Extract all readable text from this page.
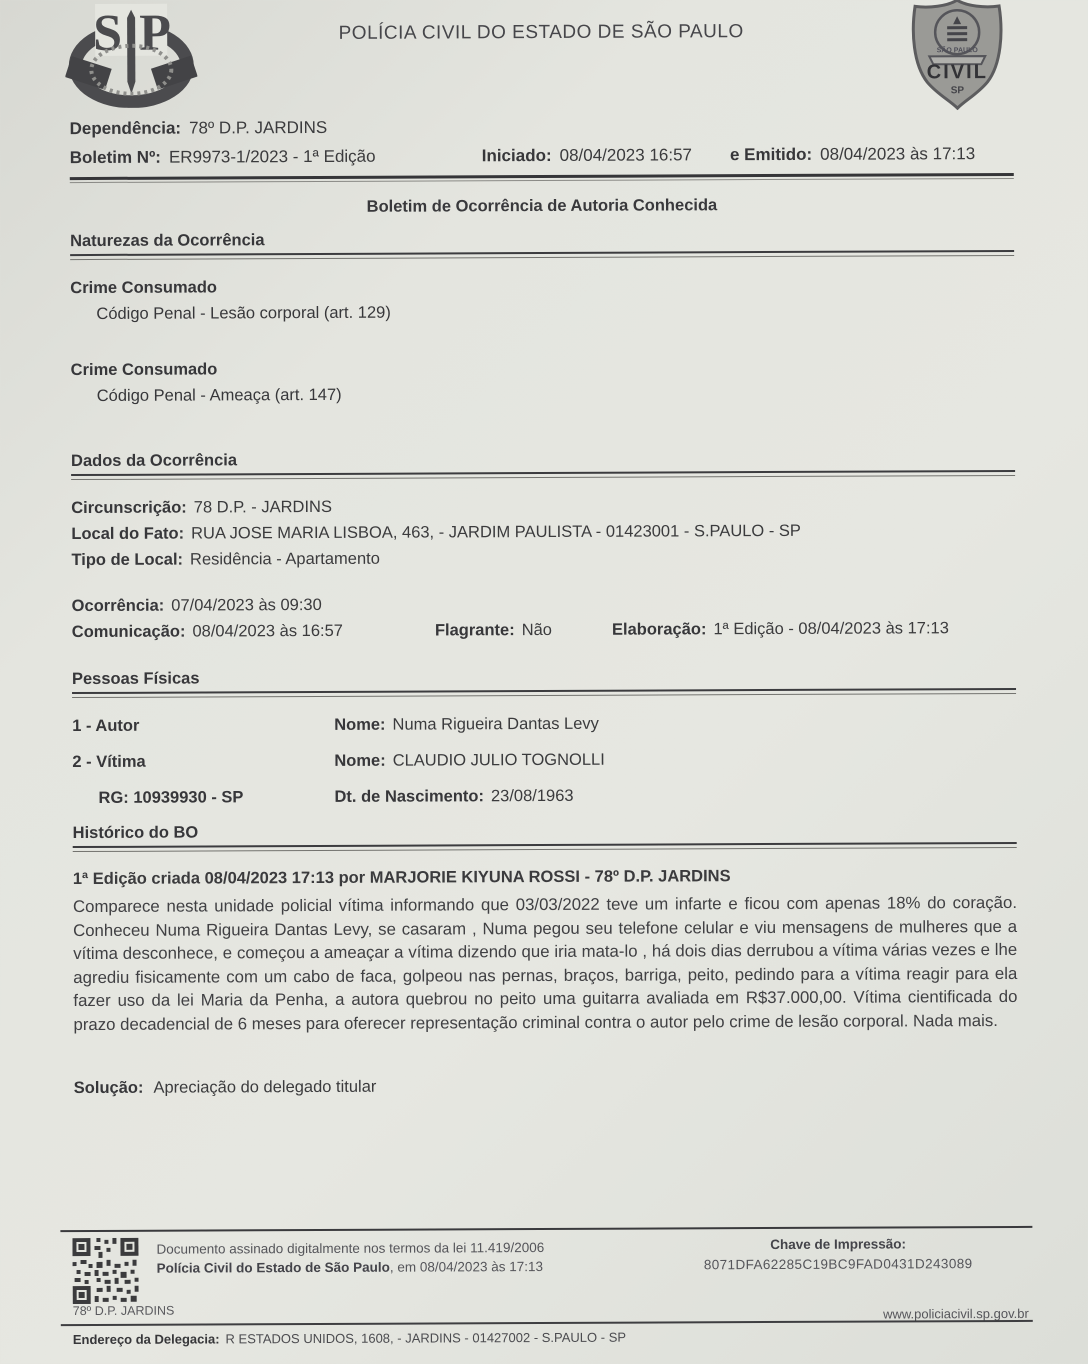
S P	POLÍCIA CIVIL DO ESTADO DE SÃO PAULO
CIVIL
SP
SÃO PAULO
Dependência: 78º D.P. JARDINS
Boletim Nº: ER9973-1/2023 - 1ª Edição	Iniciado: 08/04/2023 16:57 e Emitido: 08/04/2023 às 17:13
Boletim de Ocorrência de Autoria Conhecida
Naturezas da Ocorrência
Crime Consumado
Código Penal - Lesão corporal (art. 129)
Crime Consumado
Código Penal - Ameaça (art. 147)
Dados da Ocorrência
Circunscrição: 78 D.P. - JARDINS
Local do Fato: RUA JOSE MARIA LISBOA, 463, - JARDIM PAULISTA - 01423001 - S.PAULO - SP
Tipo de Local: Residência - Apartamento
Ocorrência: 07/04/2023 às 09:30
Comunicação: 08/04/2023 às 16:57	Flagrante: Não	Elaboração: 1ª Edição - 08/04/2023 às 17:13
Pessoas Físicas
1 - Autor	Nome: Numa Rigueira Dantas Levy
2 - Vítima	Nome: CLAUDIO JULIO TOGNOLLI
RG: 10939930 - SP	Dt. de Nascimento: 23/08/1963
Histórico do BO
1ª Edição criada 08/04/2023 17:13 por MARJORIE KIYUNA ROSSI - 78º D.P. JARDINS
Comparece nesta unidade policial vítima informando que 03/03/2022 teve um infarte e ficou com apenas 18% do coração. Conheceu Numa Rigueira Dantas Levy, se casaram , Numa pegou seu telefone celular e viu mensagens de mulheres que a vítima desconhece, e começou a ameaçar a vítima dizendo que iria mata-lo , há dois dias derrubou a vítima várias vezes e lhe agrediu fisicamente com um cabo de faca, golpeou nas pernas, braços, barriga, peito, pedindo para a vítima reagir para ela fazer uso da lei Maria da Penha, a autora quebrou no peito uma guitarra avaliada em R$37.000,00. Vítima cientificada do prazo decadencial de 6 meses para oferecer representação criminal contra o autor pelo crime de lesão corporal. Nada mais.
Solução: Apreciação do delegado titular
Documento assinado digitalmente nos termos da lei 11.419/2006
Polícia Civil do Estado de São Paulo, em 08/04/2023 às 17:13
Chave de Impressão:
8071DFA62285C19BC9FAD0431D243089
78º D.P. JARDINS	www.policiacivil.sp.gov.br
Endereço da Delegacia: R ESTADOS UNIDOS, 1608, - JARDINS - 01427002 - S.PAULO - SP
